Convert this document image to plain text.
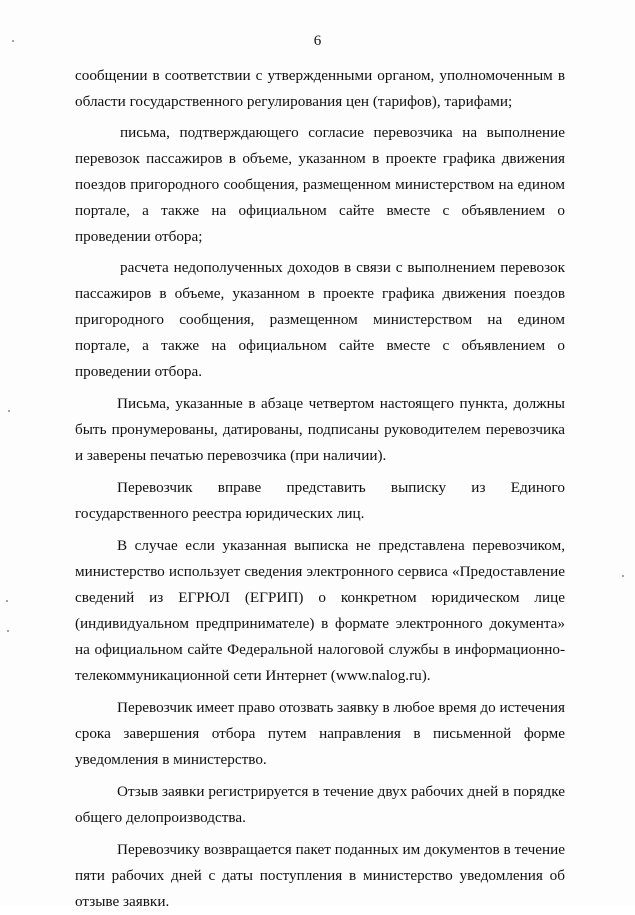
6

сообщении в соответствии с утвержденными органом, уполномоченным в области государственного регулирования цен (тарифов), тарифами;

письма, подтверждающего согласие перевозчика на выполнение перевозок пассажиров в объеме, указанном в проекте графика движения поездов пригородного сообщения, размещенном министерством на едином портале, а также на официальном сайте вместе с объявлением о проведении отбора;

расчета недополученных доходов в связи с выполнением перевозок пассажиров в объеме, указанном в проекте графика движения поездов пригородного сообщения, размещенном министерством на едином портале, а также на официальном сайте вместе с объявлением о проведении отбора.

Письма, указанные в абзаце четвертом настоящего пункта, должны быть пронумерованы, датированы, подписаны руководителем перевозчика и заверены печатью перевозчика (при наличии).

Перевозчик вправе представить выписку из Единого государственного реестра юридических лиц.

В случае если указанная выписка не представлена перевозчиком, министерство использует сведения электронного сервиса «Предоставление сведений из ЕГРЮЛ (ЕГРИП) о конкретном юридическом лице (индивидуальном предпринимателе) в формате электронного документа» на официальном сайте Федеральной налоговой службы в информационно-телекоммуникационной сети Интернет (www.nalog.ru).

Перевозчик имеет право отозвать заявку в любое время до истечения срока завершения отбора путем направления в письменной форме уведомления в министерство.

Отзыв заявки регистрируется в течение двух рабочих дней в порядке общего делопроизводства.

Перевозчику возвращается пакет поданных им документов в течение пяти рабочих дней с даты поступления в министерство уведомления об отзыве заявки.
